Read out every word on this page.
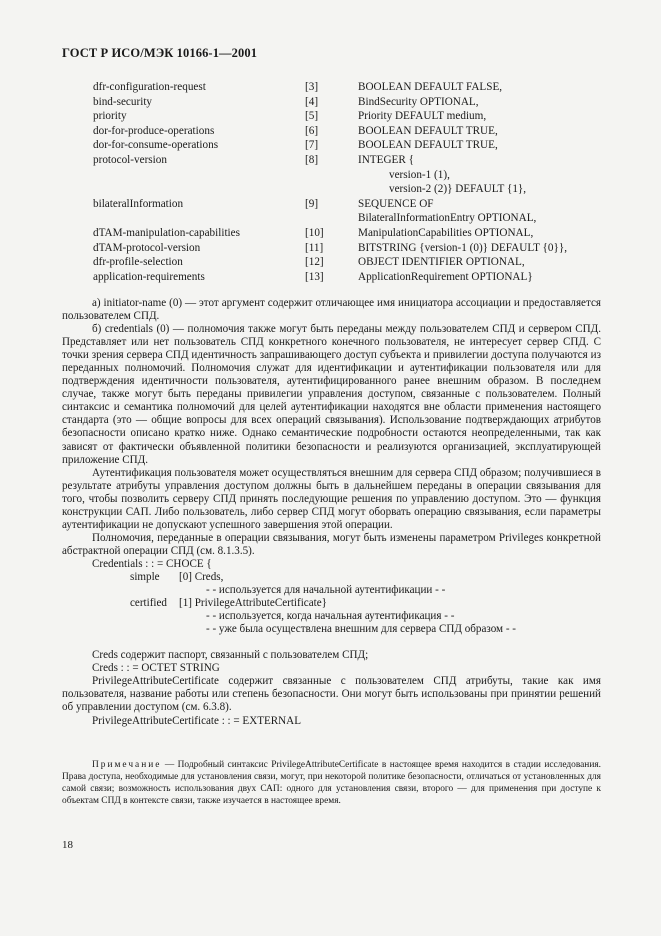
ГОСТ Р ИСО/МЭК 10166-1—2001
dfr-configuration-request	[3]	BOOLEAN DEFAULT FALSE,
bind-security	[4]	BindSecurity OPTIONAL,
priority	[5]	Priority DEFAULT medium,
dor-for-produce-operations	[6]	BOOLEAN DEFAULT TRUE,
dor-for-consume-operations	[7]	BOOLEAN DEFAULT TRUE,
protocol-version	[8]	INTEGER {
version-1 (1),
version-2 (2)} DEFAULT {1},
bilateralInformation	[9]	SEQUENCE OF
BilateralInformationEntry OPTIONAL,
dTAM-manipulation-capabilities	[10]	ManipulationCapabilities OPTIONAL,
dTAM-protocol-version	[11]	BITSTRING {version-1 (0)} DEFAULT {0}},
dfr-profile-selection	[12]	OBJECT IDENTIFIER OPTIONAL,
application-requirements	[13]	ApplicationRequirement OPTIONAL}

а) initiator-name (0) — этот аргумент содержит отличающее имя инициатора ассоциации и предоставляется пользователем СПД.

б) credentials (0) — полномочия также могут быть переданы между пользователем СПД и сервером СПД. Представляет или нет пользователь СПД конкретного конечного пользователя, не интересует сервер СПД. С точки зрения сервера СПД идентичность запрашивающего доступ субъекта и привилегии доступа получаются из переданных полномочий. Полномочия служат для идентификации и аутентификации пользователя или для подтверждения идентичности пользователя, аутентифицированного ранее внешним образом. В последнем случае, также могут быть переданы привилегии управления доступом, связанные с пользователем. Полный синтаксис и семантика полномочий для целей аутентификации находятся вне области применения настоящего стандарта (это — общие вопросы для всех операций связывания). Использование подтверждающих атрибутов безопасности описано кратко ниже. Однако семантические подробности остаются неопределенными, так как зависят от фактически объявленной политики безопасности и реализуются организацией, эксплуатирующей приложение СПД.

Аутентификация пользователя может осуществляться внешним для сервера СПД образом; получившиеся в результате атрибуты управления доступом должны быть в дальнейшем переданы в операции связывания для того, чтобы позволить серверу СПД принять последующие решения по управлению доступом. Это — функция конструкции САП. Либо пользователь, либо сервер СПД могут оборвать операцию связывания, если параметры аутентификации не допускают успешного завершения этой операции.

Полномочия, переданные в операции связывания, могут быть изменены параметром Privileges конкретной абстрактной операции СПД (см. 8.1.3.5).

Credentials : : = CHOCE {
simple [0] Creds,
- - используется для начальной аутентификации - -
certified [1] PrivilegeAttributeCertificate}
- - используется, когда начальная аутентификация - -
- - уже была осуществлена внешним для сервера СПД образом - -

Creds содержит паспорт, связанный с пользователем СПД;

Creds : : = OCTET STRING

PrivilegeAttributeCertificate содержит связанные с пользователем СПД атрибуты, такие как имя пользователя, название работы или степень безопасности. Они могут быть использованы при принятии решений об управлении доступом (см. 6.3.8).

PrivilegeAttributeCertificate : : = EXTERNAL

Примечание — Подробный синтаксис PrivilegeAttributeCertificate в настоящее время находится в стадии исследования. Права доступа, необходимые для установления связи, могут, при некоторой политике безопасности, отличаться от установленных для самой связи; возможность использования двух САП: одного для установления связи, второго — для применения при доступе к объектам СПД в контексте связи, также изучается в настоящее время.

18
